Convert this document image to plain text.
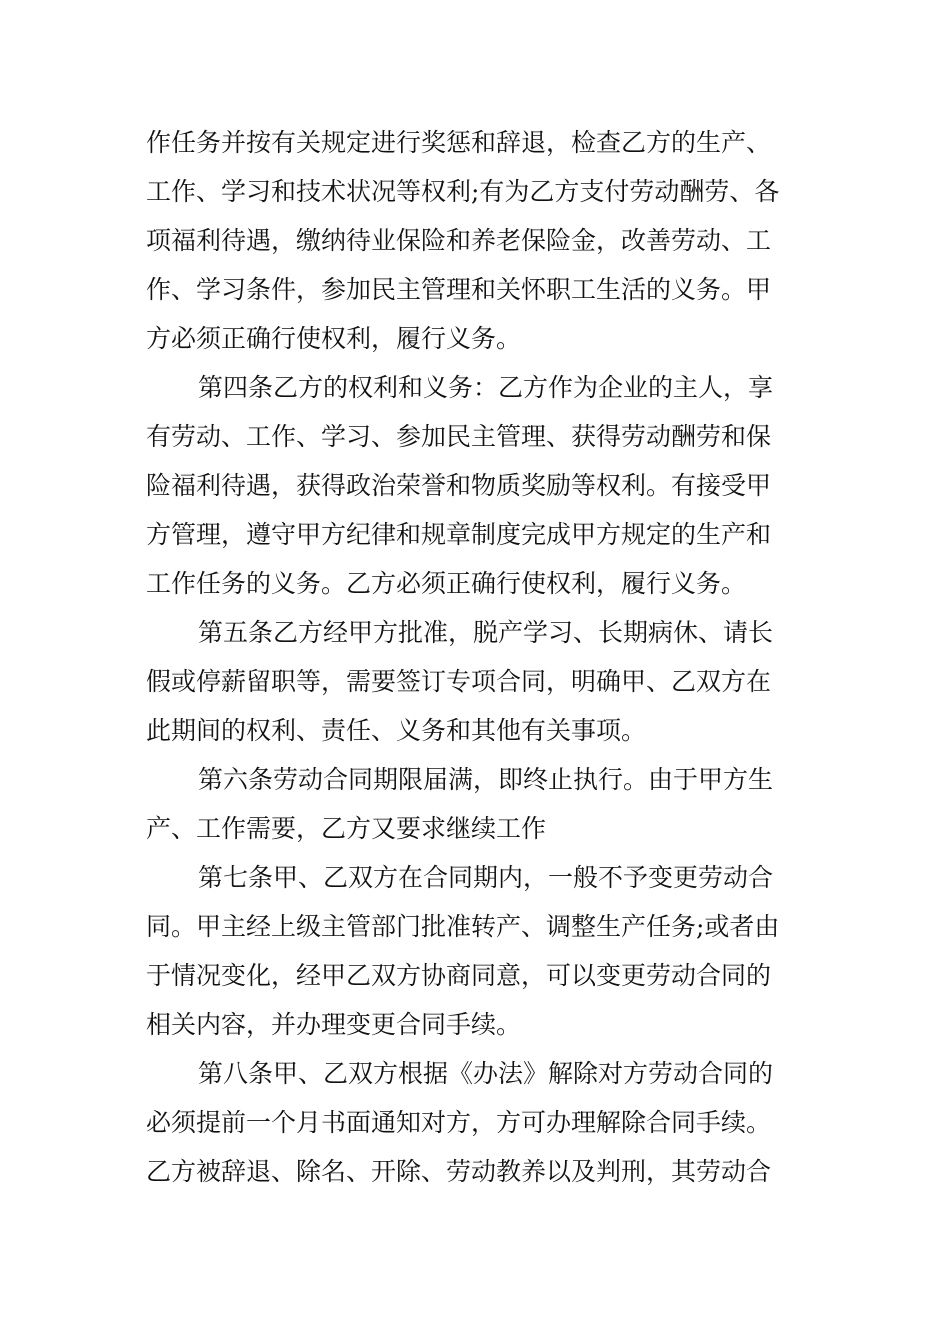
作任务并按有关规定进行奖惩和辞退，检查乙方的生产、
工作、学习和技术状况等权利;有为乙方支付劳动酬劳、各
项福利待遇，缴纳待业保险和养老保险金，改善劳动、工
作、学习条件，参加民主管理和关怀职工生活的义务。甲
方必须正确行使权利，履行义务。
第四条乙方的权利和义务：乙方作为企业的主人，享
有劳动、工作、学习、参加民主管理、获得劳动酬劳和保
险福利待遇，获得政治荣誉和物质奖励等权利。有接受甲
方管理，遵守甲方纪律和规章制度完成甲方规定的生产和
工作任务的义务。乙方必须正确行使权利，履行义务。
第五条乙方经甲方批准，脱产学习、长期病休、请长
假或停薪留职等，需要签订专项合同，明确甲、乙双方在
此期间的权利、责任、义务和其他有关事项。
第六条劳动合同期限届满，即终止执行。由于甲方生
产、工作需要，乙方又要求继续工作
第七条甲、乙双方在合同期内，一般不予变更劳动合
同。甲主经上级主管部门批准转产、调整生产任务;或者由
于情况变化，经甲乙双方协商同意，可以变更劳动合同的
相关内容，并办理变更合同手续。
第八条甲、乙双方根据《办法》解除对方劳动合同的
必须提前一个月书面通知对方，方可办理解除合同手续。
乙方被辞退、除名、开除、劳动教养以及判刑，其劳动合
